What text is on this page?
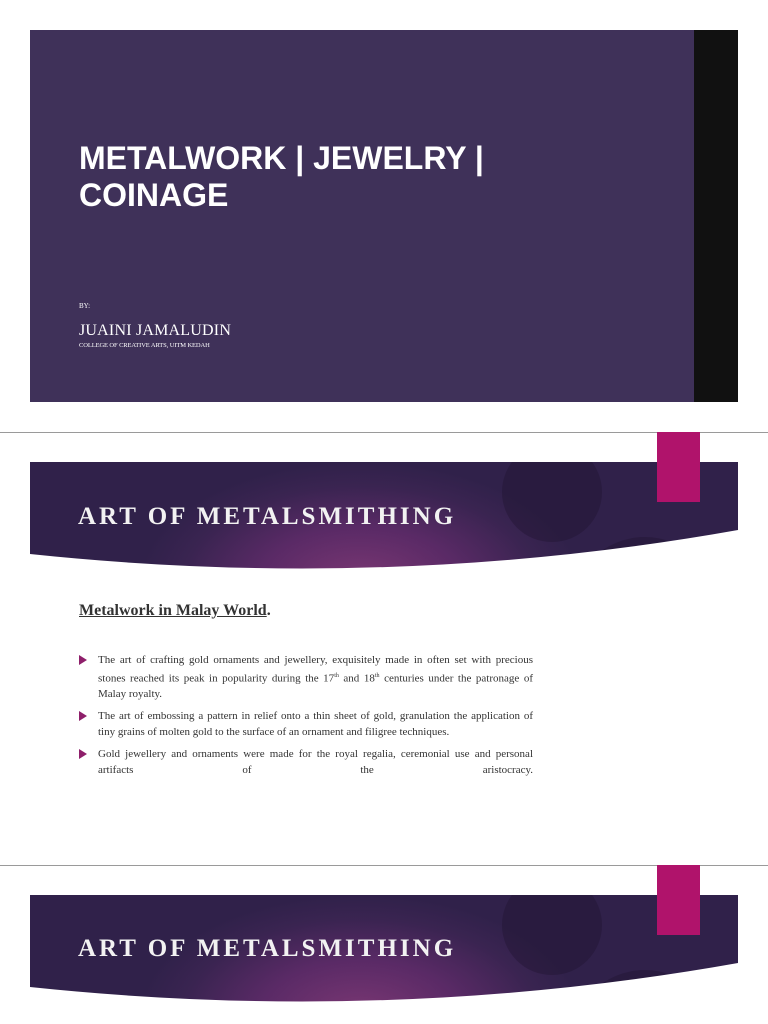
METALWORK | JEWELRY | COINAGE
BY:
JUAINI JAMALUDIN
COLLEGE OF CREATIVE ARTS, UITM KEDAH
ART OF METALSMITHING
Metalwork in Malay World.
The art of crafting gold ornaments and jewellery, exquisitely made in often set with precious stones reached its peak in popularity during the 17th and 18th centuries under the patronage of Malay royalty.
The art of embossing a pattern in relief onto a thin sheet of gold, granulation the application of tiny grains of molten gold to the surface of an ornament and filigree techniques.
Gold jewellery and ornaments were made for the royal regalia, ceremonial use and personal artifacts of the aristocracy.
ART OF METALSMITHING
